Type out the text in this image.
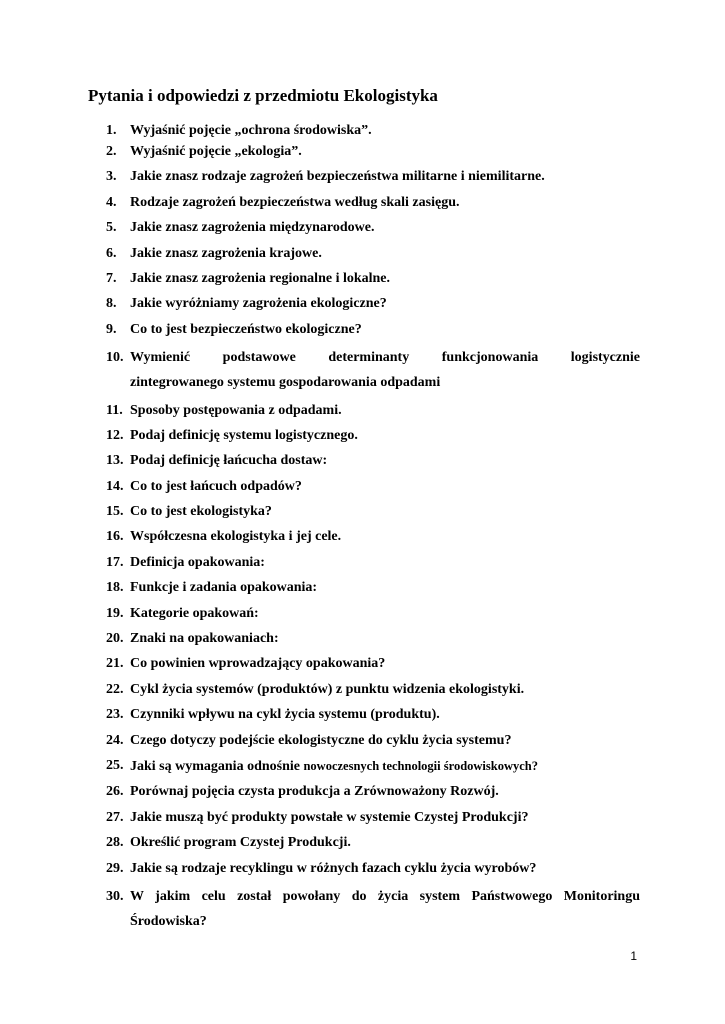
Pytania i odpowiedzi z przedmiotu Ekologistyka
1. Wyjaśnić pojęcie „ochrona środowiska”.
2. Wyjaśnić pojęcie „ekologia”.
3. Jakie znasz rodzaje zagrożeń bezpieczeństwa militarne i niemilitarne.
4. Rodzaje zagrożeń bezpieczeństwa według skali zasięgu.
5. Jakie znasz zagrożenia międzynarodowe.
6. Jakie znasz zagrożenia krajowe.
7. Jakie znasz zagrożenia regionalne i lokalne.
8. Jakie wyróżniamy zagrożenia ekologiczne?
9. Co to jest bezpieczeństwo ekologiczne?
10. Wymienić podstawowe determinanty funkcjonowania logistycznie
zintegrowanego systemu gospodarowania odpadami
11. Sposoby postępowania z odpadami.
12. Podaj definicję systemu logistycznego.
13. Podaj definicję łańcucha dostaw:
14. Co to jest łańcuch odpadów?
15. Co to jest ekologistyka?
16. Współczesna ekologistyka i jej cele.
17. Definicja opakowania:
18. Funkcje i zadania opakowania:
19. Kategorie opakowań:
20. Znaki na opakowaniach:
21. Co powinien wprowadzający opakowania?
22. Cykl życia systemów (produktów) z punktu widzenia ekologistyki.
23. Czynniki wpływu na cykl życia systemu (produktu).
24. Czego dotyczy podejście ekologistyczne do cyklu życia systemu?
25. Jaki są wymagania odnośnie nowoczesnych technologii środowiskowych?
26. Porównaj pojęcia czysta produkcja a Zrównoważony Rozwój.
27. Jakie muszą być produkty powstałe w systemie Czystej Produkcji?
28. Określić program Czystej Produkcji.
29. Jakie są rodzaje recyklingu w różnych fazach cyklu życia wyrobów?
30. W jakim celu został powołany do życia system Państwowego Monitoringu
Środowiska?
1
